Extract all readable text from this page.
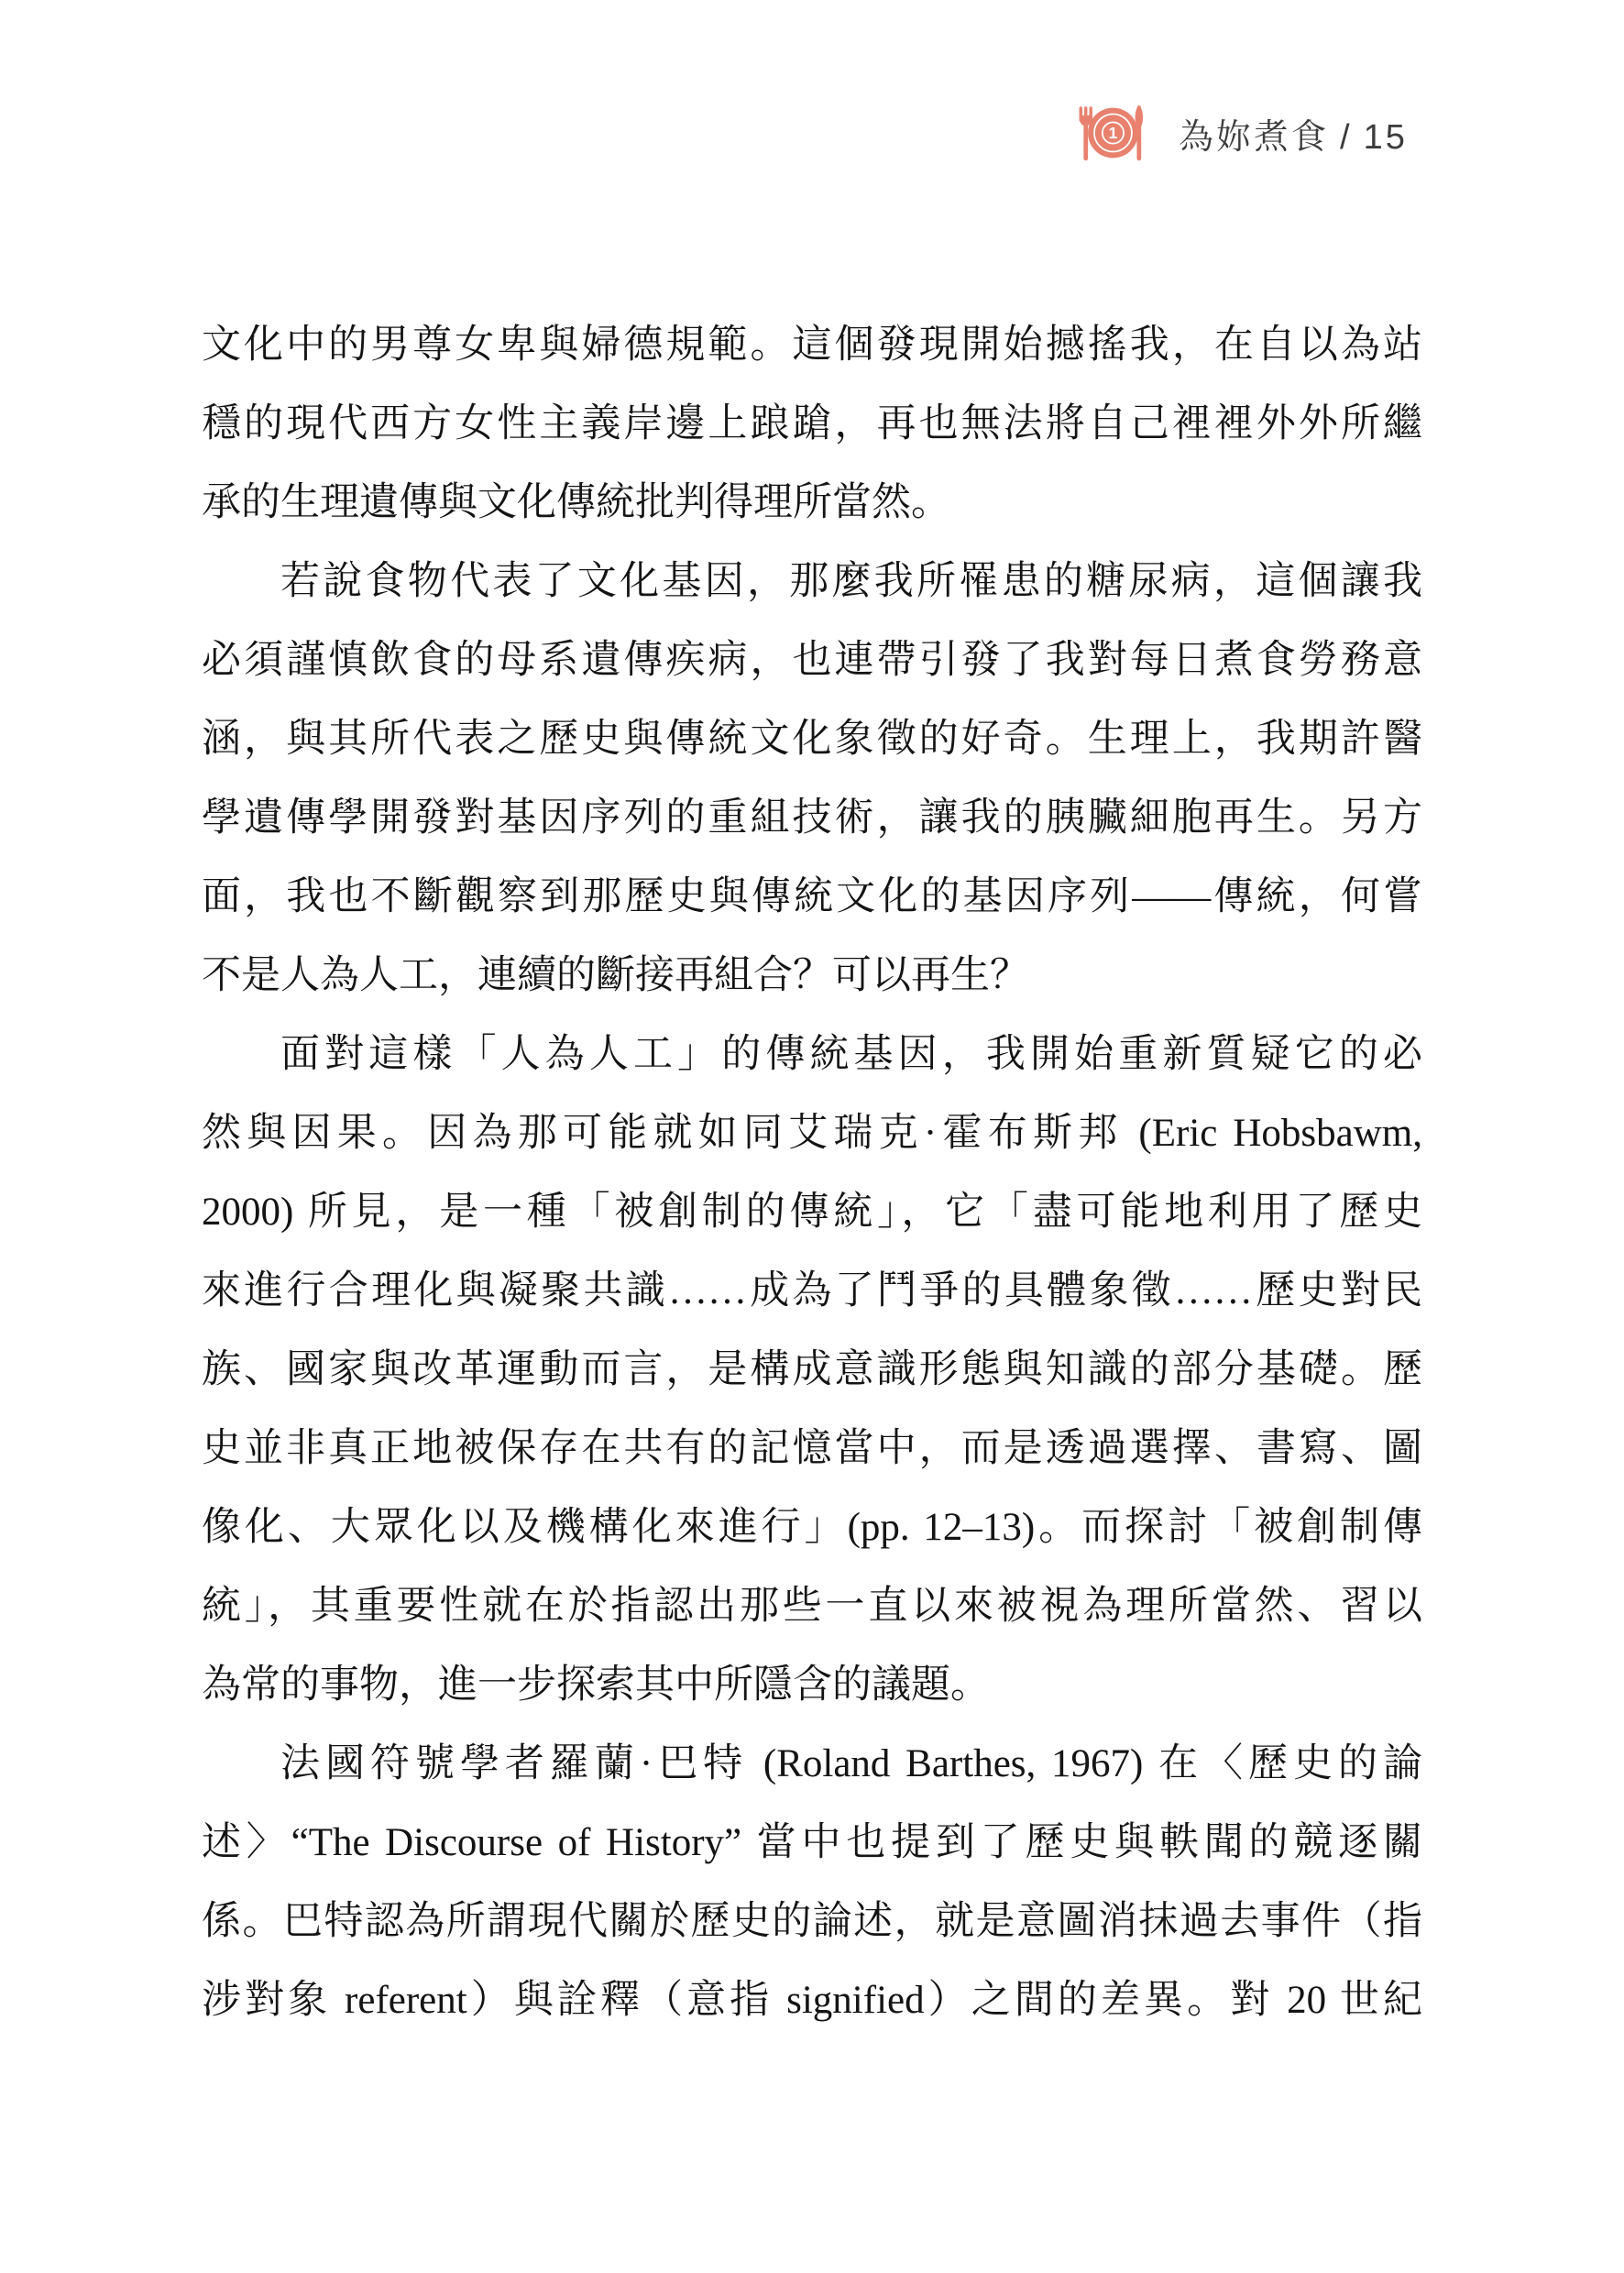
1 為妳煮食 / 15
文化中的男尊女卑與婦德規範。這個發現開始撼搖我，在自以為站
穩的現代西方女性主義岸邊上踉蹌，再也無法將自己裡裡外外所繼
承的生理遺傳與文化傳統批判得理所當然。
若說食物代表了文化基因，那麼我所罹患的糖尿病，這個讓我
必須謹慎飲食的母系遺傳疾病，也連帶引發了我對每日煮食勞務意
涵，與其所代表之歷史與傳統文化象徵的好奇。生理上，我期許醫
學遺傳學開發對基因序列的重組技術，讓我的胰臟細胞再生。另方
面，我也不斷觀察到那歷史與傳統文化的基因序列——傳統，何嘗
不是人為人工，連續的斷接再組合？可以再生？
面對這樣「人為人工」的傳統基因，我開始重新質疑它的必
然與因果。因為那可能就如同艾瑞克·霍布斯邦 (Eric Hobsbawm,
2000) 所見，是一種「被創制的傳統」，它「盡可能地利用了歷史
來進行合理化與凝聚共識……成為了鬥爭的具體象徵……歷史對民
族、國家與改革運動而言，是構成意識形態與知識的部分基礎。歷
史並非真正地被保存在共有的記憶當中，而是透過選擇、書寫、圖
像化、大眾化以及機構化來進行」(pp. 12–13)。而探討「被創制傳
統」，其重要性就在於指認出那些一直以來被視為理所當然、習以
為常的事物，進一步探索其中所隱含的議題。
法國符號學者羅蘭·巴特 (Roland Barthes, 1967) 在〈歷史的論
述〉“The Discourse of History” 當中也提到了歷史與軼聞的競逐關
係。巴特認為所謂現代關於歷史的論述，就是意圖消抹過去事件（指
涉對象 referent）與詮釋（意指 signified）之間的差異。對 20 世紀
